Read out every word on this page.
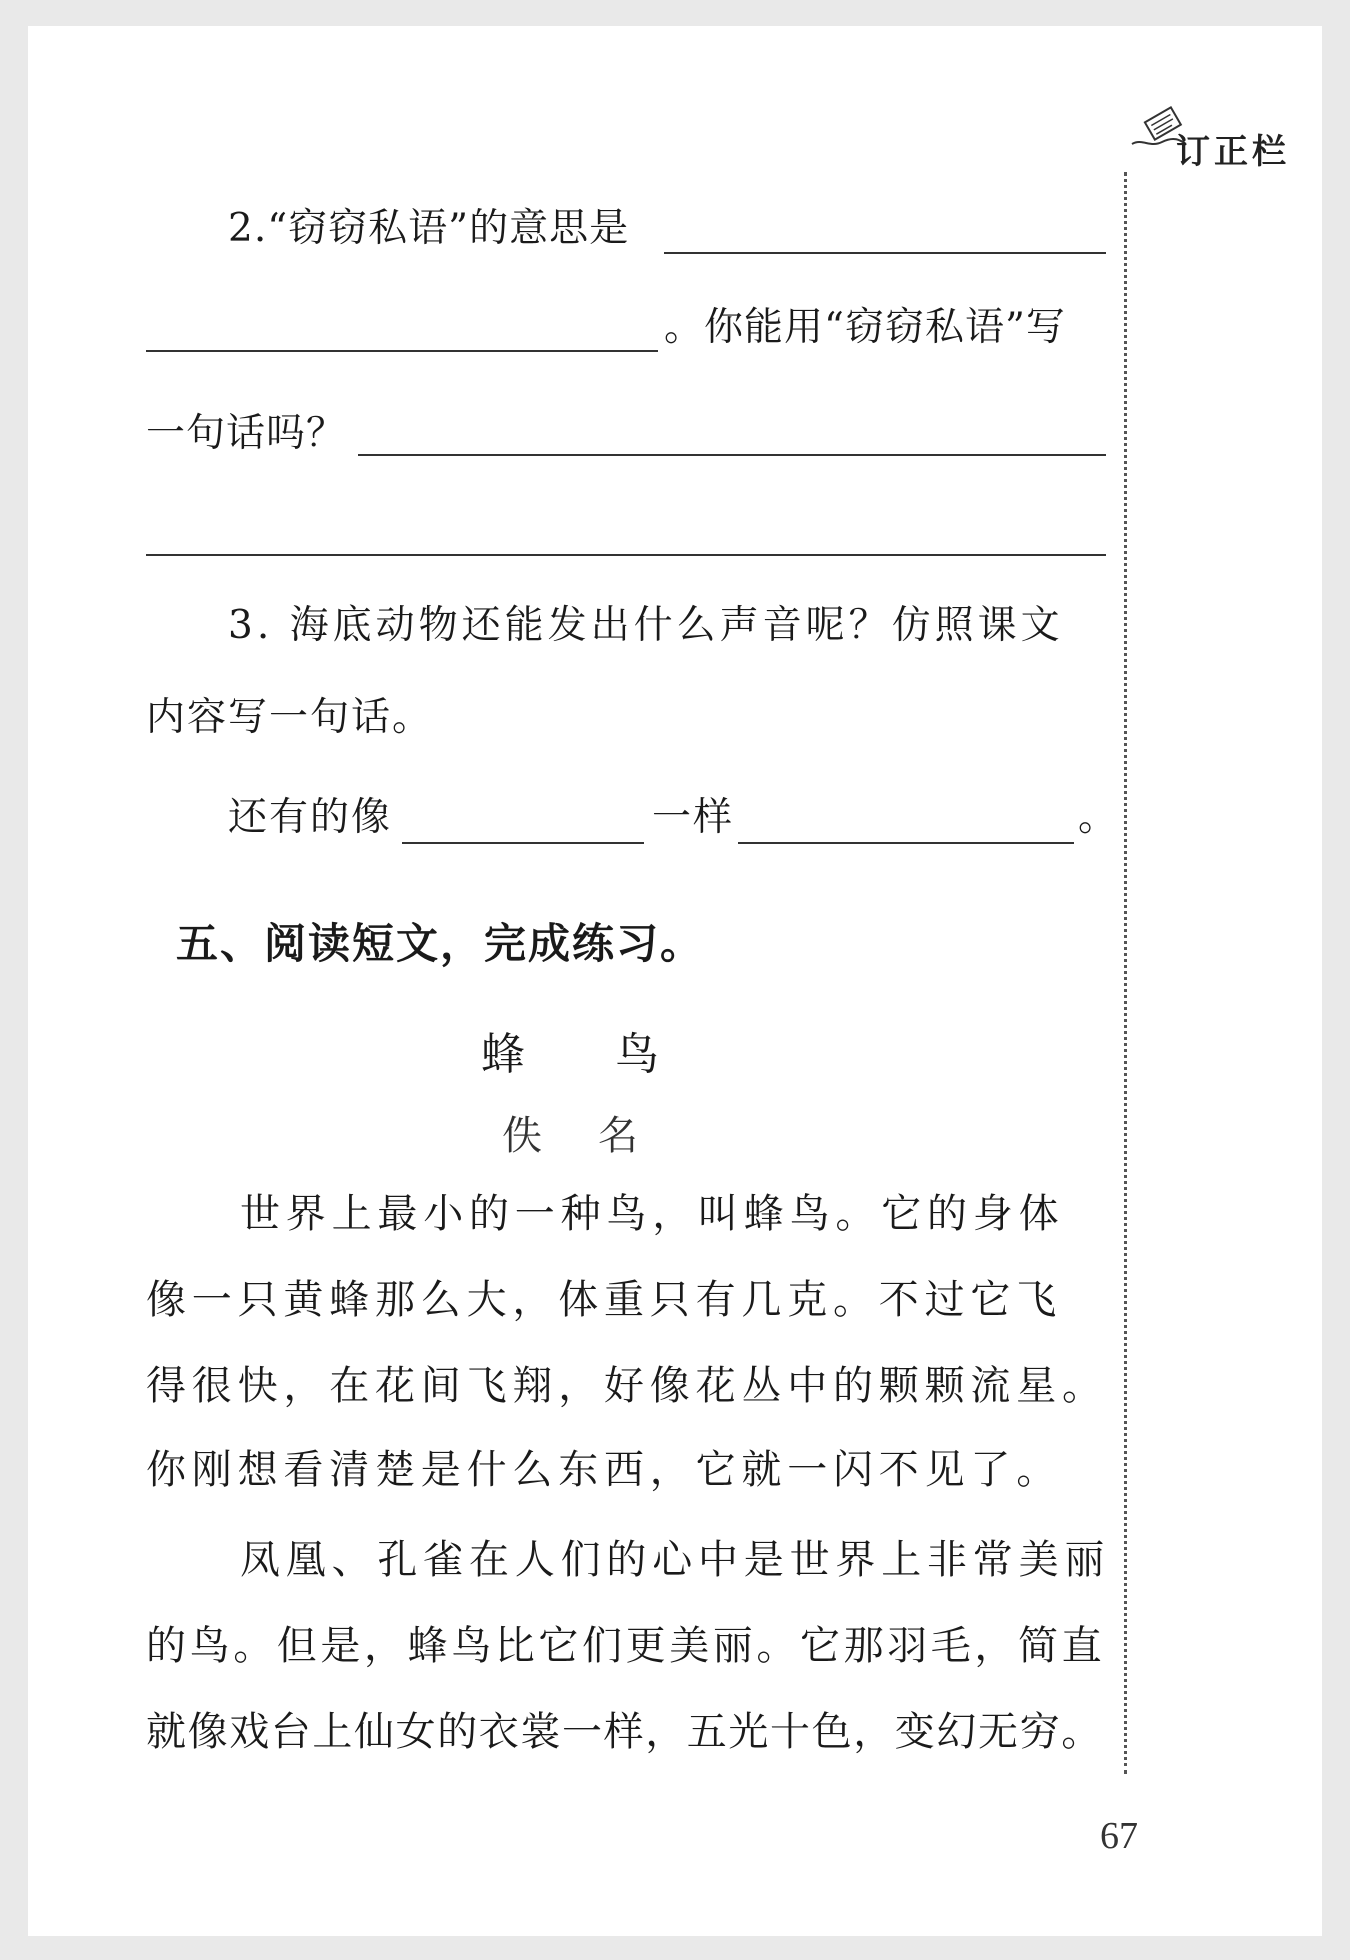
订正栏
2.“窃窃私语”的意思是
。你能用“窃窃私语”写
一句话吗？
3. 海底动物还能发出什么声音呢？仿照课文
内容写一句话。
还有的像	一样	。
五、阅读短文，完成练习。
蜂鸟
佚名
世界上最小的一种鸟，叫蜂鸟。它的身体
像一只黄蜂那么大，体重只有几克。不过它飞
得很快，在花间飞翔，好像花丛中的颗颗流星。
你刚想看清楚是什么东西，它就一闪不见了。
凤凰、孔雀在人们的心中是世界上非常美丽
的鸟。但是，蜂鸟比它们更美丽。它那羽毛，简直
就像戏台上仙女的衣裳一样，五光十色，变幻无穷。
67
